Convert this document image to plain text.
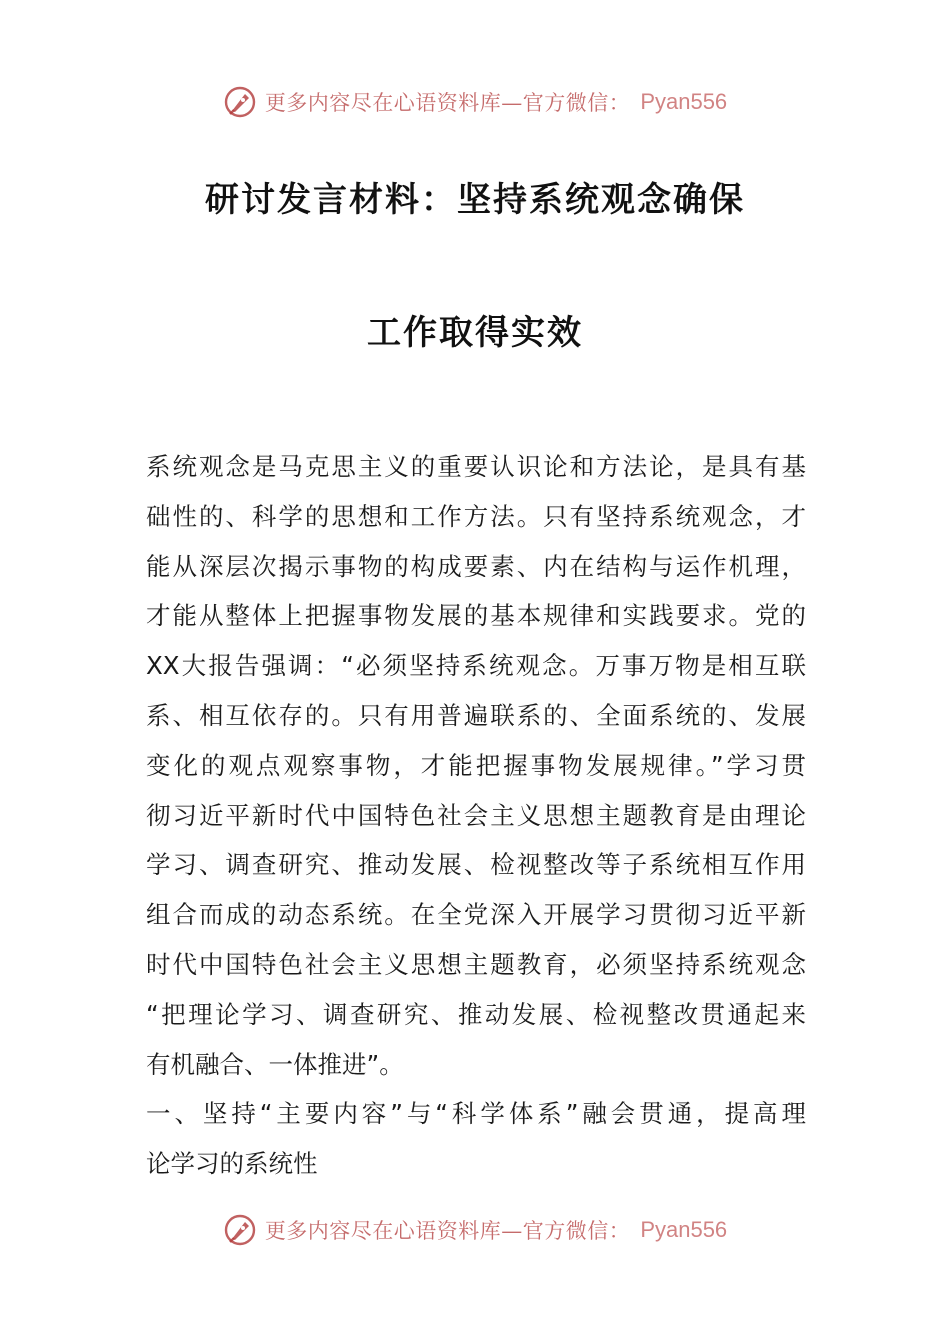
更多内容尽在心语资料库—官方微信： Pyan556
研讨发言材料：坚持系统观念确保
工作取得实效
系统观念是马克思主义的重要认识论和方法论，是具有基
础性的、科学的思想和工作方法。只有坚持系统观念，才
能从深层次揭示事物的构成要素、内在结构与运作机理，
才能从整体上把握事物发展的基本规律和实践要求。党的
XX大报告强调：“必须坚持系统观念。万事万物是相互联
系、相互依存的。只有用普遍联系的、全面系统的、发展
变化的观点观察事物，才能把握事物发展规律。”学习贯
彻习近平新时代中国特色社会主义思想主题教育是由理论
学习、调查研究、推动发展、检视整改等子系统相互作用
组合而成的动态系统。在全党深入开展学习贯彻习近平新
时代中国特色社会主义思想主题教育，必须坚持系统观念
“把理论学习、调查研究、推动发展、检视整改贯通起来
有机融合、一体推进”。
一、坚持“主要内容”与“科学体系”融会贯通，提高理
论学习的系统性
更多内容尽在心语资料库—官方微信： Pyan556
